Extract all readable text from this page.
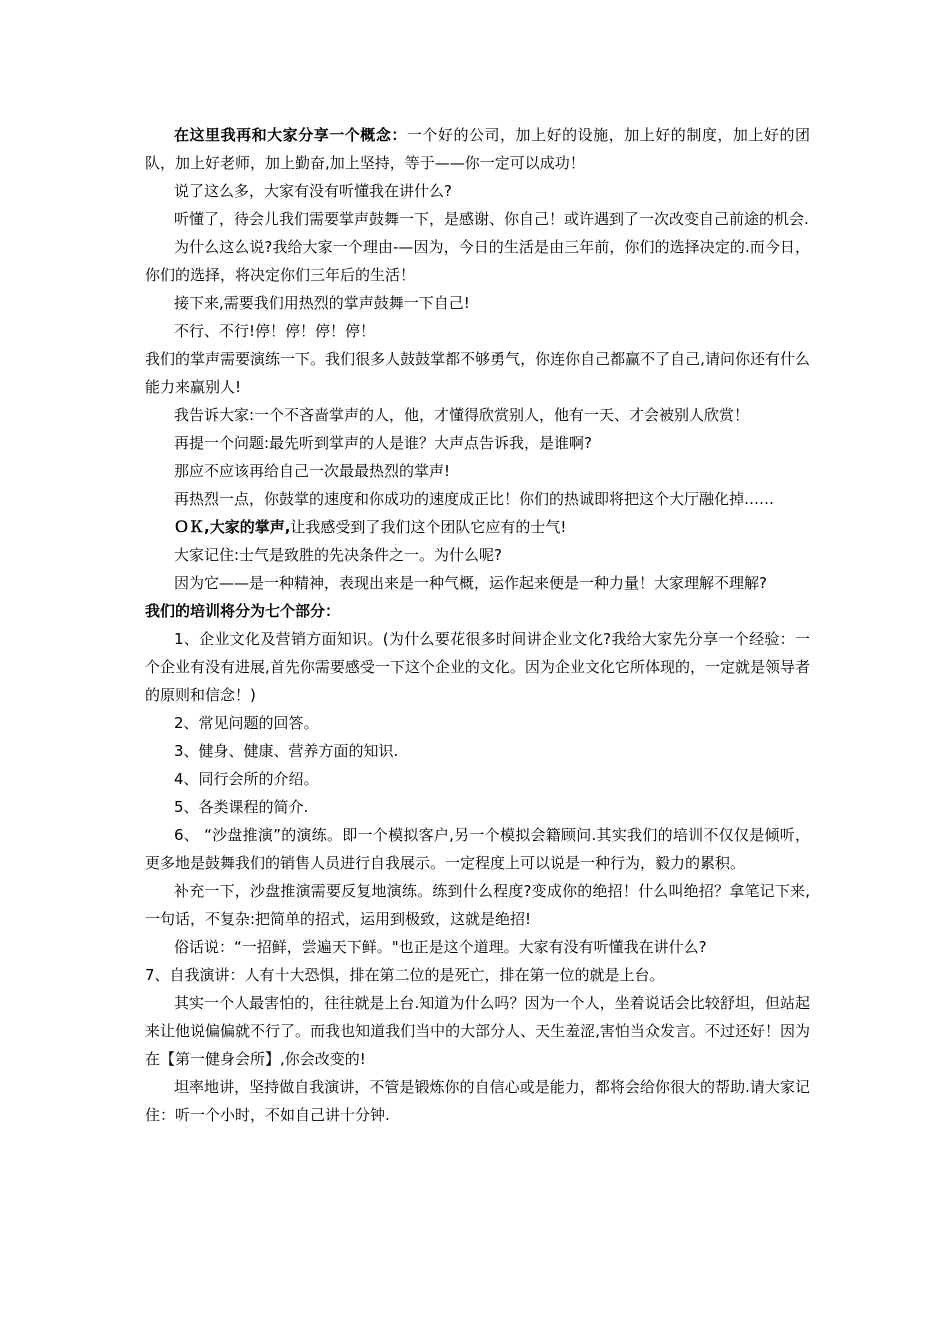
在这里我再和大家分享一个概念：一个好的公司，加上好的设施，加上好的制度，加上好的团队，加上好老师，加上勤奋,加上坚持，等于——你一定可以成功！

说了这么多，大家有没有听懂我在讲什么?

听懂了，待会儿我们需要掌声鼓舞一下，是感谢、你自己！或许遇到了一次改变自己前途的机会.

为什么这么说?我给大家一个理由-—因为，今日的生活是由三年前，你们的选择决定的.而今日，你们的选择，将决定你们三年后的生活！

接下来,需要我们用热烈的掌声鼓舞一下自己!

不行、不行!停！停！停！停！

我们的掌声需要演练一下。我们很多人鼓鼓掌都不够勇气，你连你自己都赢不了自己,请问你还有什么能力来赢别人!

我告诉大家:一个不吝啬掌声的人，他，才懂得欣赏别人，他有一天、才会被别人欣赏！

再提一个问题:最先听到掌声的人是谁？大声点告诉我，是谁啊?

那应不应该再给自己一次最最热烈的掌声!

再热烈一点，你鼓掌的速度和你成功的速度成正比！你们的热诚即将把这个大厅融化掉……

ＯＫ,大家的掌声,让我感受到了我们这个团队它应有的士气!

大家记住:士气是致胜的先决条件之一。为什么呢?

因为它——是一种精神，表现出来是一种气概，运作起来便是一种力量！大家理解不理解?

我们的培训将分为七个部分：

1、企业文化及营销方面知识。(为什么要花很多时间讲企业文化?我给大家先分享一个经验：一个企业有没有进展,首先你需要感受一下这个企业的文化。因为企业文化它所体现的，一定就是领导者的原则和信念！)

2、常见问题的回答。

3、健身、健康、营养方面的知识.

4、同行会所的介绍。

5、各类课程的简介.

6、 “沙盘推演”的演练。即一个模拟客户,另一个模拟会籍顾问.其实我们的培训不仅仅是倾听，更多地是鼓舞我们的销售人员进行自我展示。一定程度上可以说是一种行为，毅力的累积。

补充一下，沙盘推演需要反复地演练。练到什么程度?变成你的绝招！什么叫绝招？拿笔记下来,一句话，不复杂:把简单的招式，运用到极致，这就是绝招!

俗话说：“一招鲜，尝遍天下鲜。"也正是这个道理。大家有没有听懂我在讲什么?

7、自我演讲：人有十大恐惧，排在第二位的是死亡，排在第一位的就是上台。

其实一个人最害怕的，往往就是上台.知道为什么吗？因为一个人，坐着说话会比较舒坦，但站起来让他说偏偏就不行了。而我也知道我们当中的大部分人、天生羞涩,害怕当众发言。不过还好！因为在【第一健身会所】,你会改变的!

坦率地讲，坚持做自我演讲，不管是锻炼你的自信心或是能力，都将会给你很大的帮助.请大家记住：听一个小时，不如自己讲十分钟.
